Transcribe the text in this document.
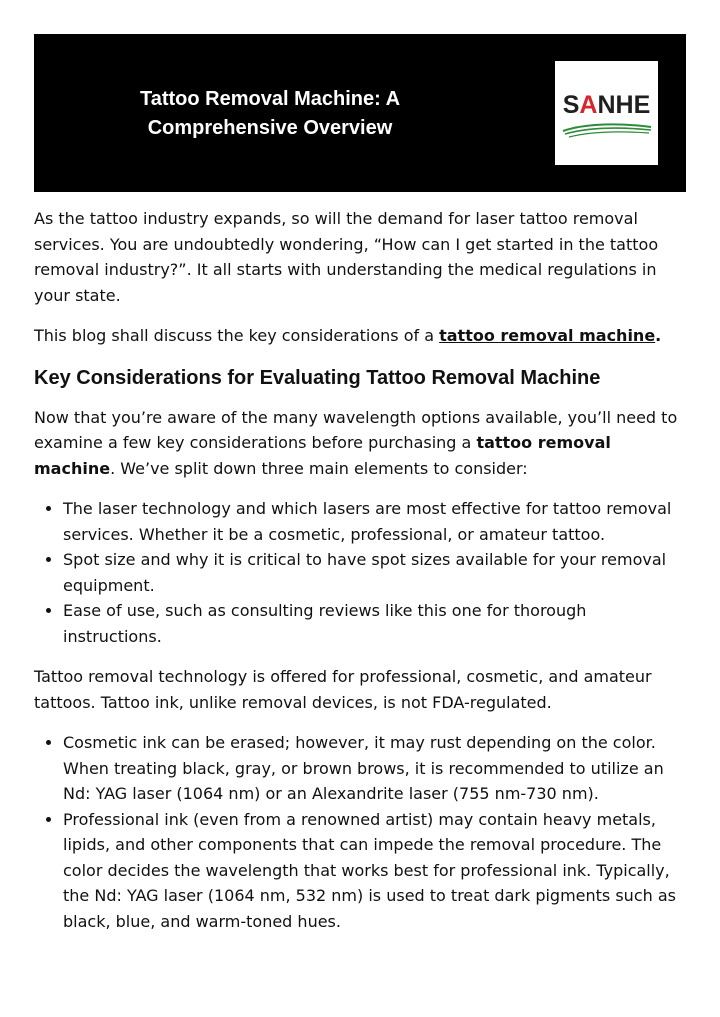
Tattoo Removal Machine: A Comprehensive Overview
SANHE

As the tattoo industry expands, so will the demand for laser tattoo removal services. You are undoubtedly wondering, “How can I get started in the tattoo removal industry?”. It all starts with understanding the medical regulations in your state.

This blog shall discuss the key considerations of a tattoo removal machine.

Key Considerations for Evaluating Tattoo Removal Machine

Now that you’re aware of the many wavelength options available, you’ll need to examine a few key considerations before purchasing a tattoo removal machine. We’ve split down three main elements to consider:

• The laser technology and which lasers are most effective for tattoo removal services. Whether it be a cosmetic, professional, or amateur tattoo.
• Spot size and why it is critical to have spot sizes available for your removal equipment.
• Ease of use, such as consulting reviews like this one for thorough instructions.

Tattoo removal technology is offered for professional, cosmetic, and amateur tattoos. Tattoo ink, unlike removal devices, is not FDA-regulated.

• Cosmetic ink can be erased; however, it may rust depending on the color. When treating black, gray, or brown brows, it is recommended to utilize an Nd: YAG laser (1064 nm) or an Alexandrite laser (755 nm-730 nm).
• Professional ink (even from a renowned artist) may contain heavy metals, lipids, and other components that can impede the removal procedure. The color decides the wavelength that works best for professional ink. Typically, the Nd: YAG laser (1064 nm, 532 nm) is used to treat dark pigments such as black, blue, and warm-toned hues.
